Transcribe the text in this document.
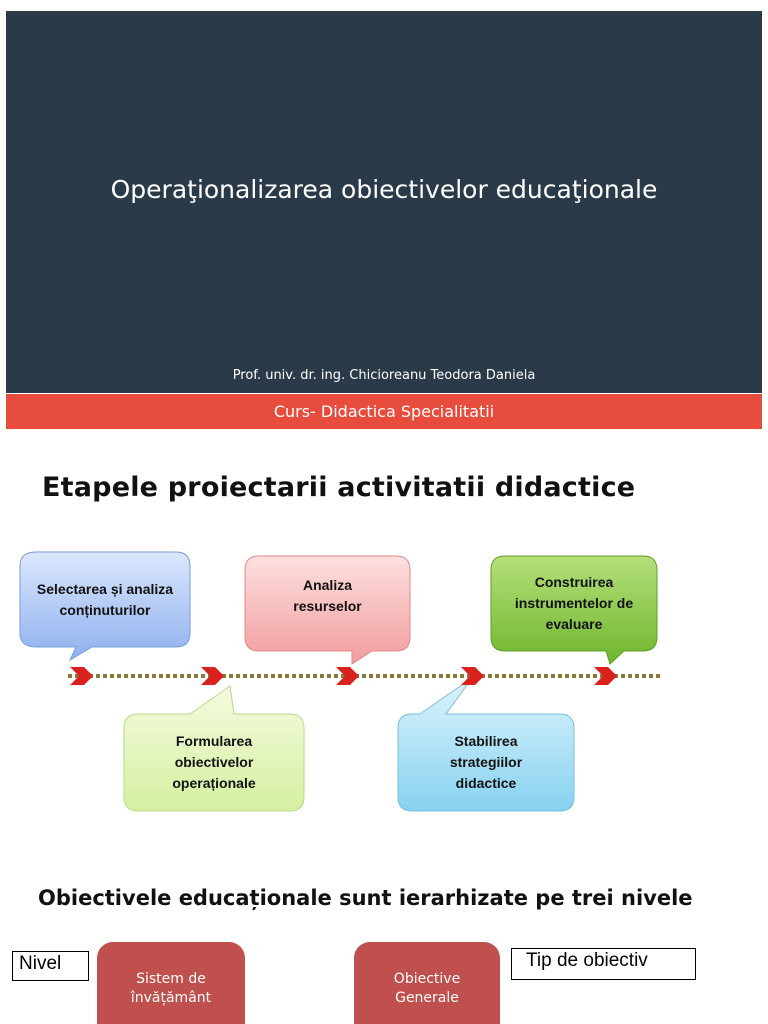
Operaţionalizarea obiectivelor educaţionale
Prof. univ. dr. ing. Chicioreanu Teodora Daniela
Curs- Didactica Specialitatii
Etapele proiectarii activitatii didactice
Selectarea și analiza
conținuturilor
Formularea
obiectivelor
operaționale
Analiza
resurselor
Stabilirea
strategiilor
didactice
Construirea
instrumentelor de
evaluare
Obiectivele educaționale sunt ierarhizate pe trei nivele
Nivel	Tip de obiectiv
Sistem de
învățământ
Obiective
Generale
